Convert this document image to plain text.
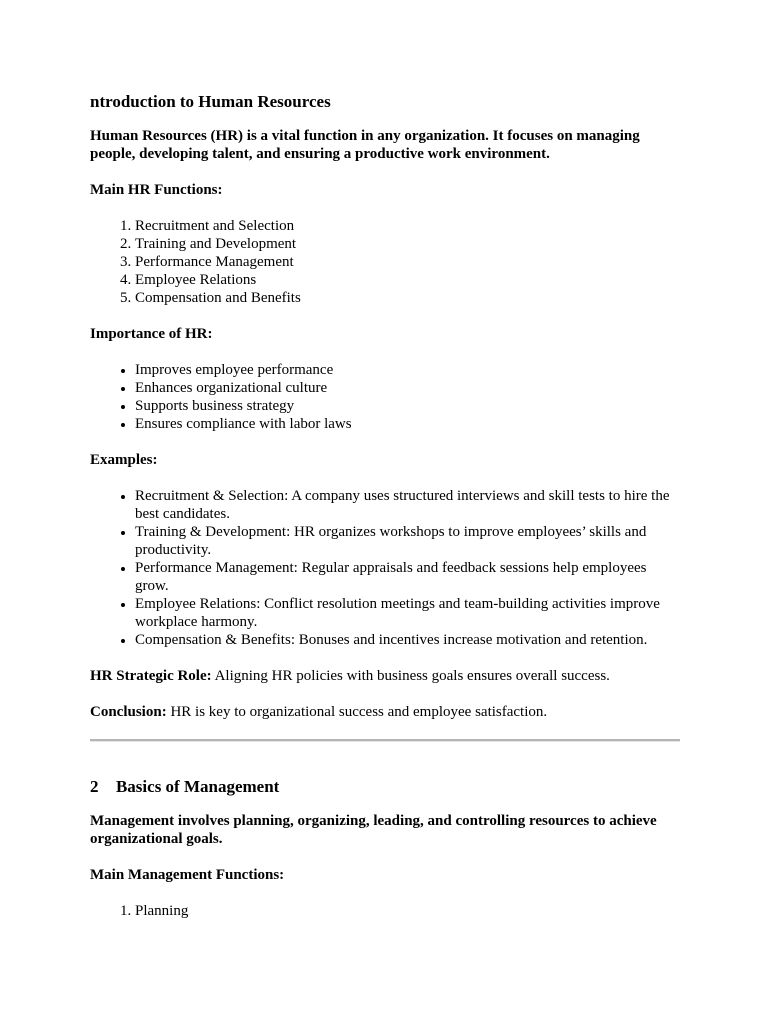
ntroduction to Human Resources

Human Resources (HR) is a vital function in any organization. It focuses on managing people, developing talent, and ensuring a productive work environment.

Main HR Functions:

1. Recruitment and Selection
2. Training and Development
3. Performance Management
4. Employee Relations
5. Compensation and Benefits

Importance of HR:

• Improves employee performance
• Enhances organizational culture
• Supports business strategy
• Ensures compliance with labor laws

Examples:

• Recruitment & Selection: A company uses structured interviews and skill tests to hire the best candidates.
• Training & Development: HR organizes workshops to improve employees’ skills and productivity.
• Performance Management: Regular appraisals and feedback sessions help employees grow.
• Employee Relations: Conflict resolution meetings and team-building activities improve workplace harmony.
• Compensation & Benefits: Bonuses and incentives increase motivation and retention.

HR Strategic Role: Aligning HR policies with business goals ensures overall success.

Conclusion: HR is key to organizational success and employee satisfaction.

2⃣ Basics of Management

Management involves planning, organizing, leading, and controlling resources to achieve organizational goals.

Main Management Functions:

1. Planning
